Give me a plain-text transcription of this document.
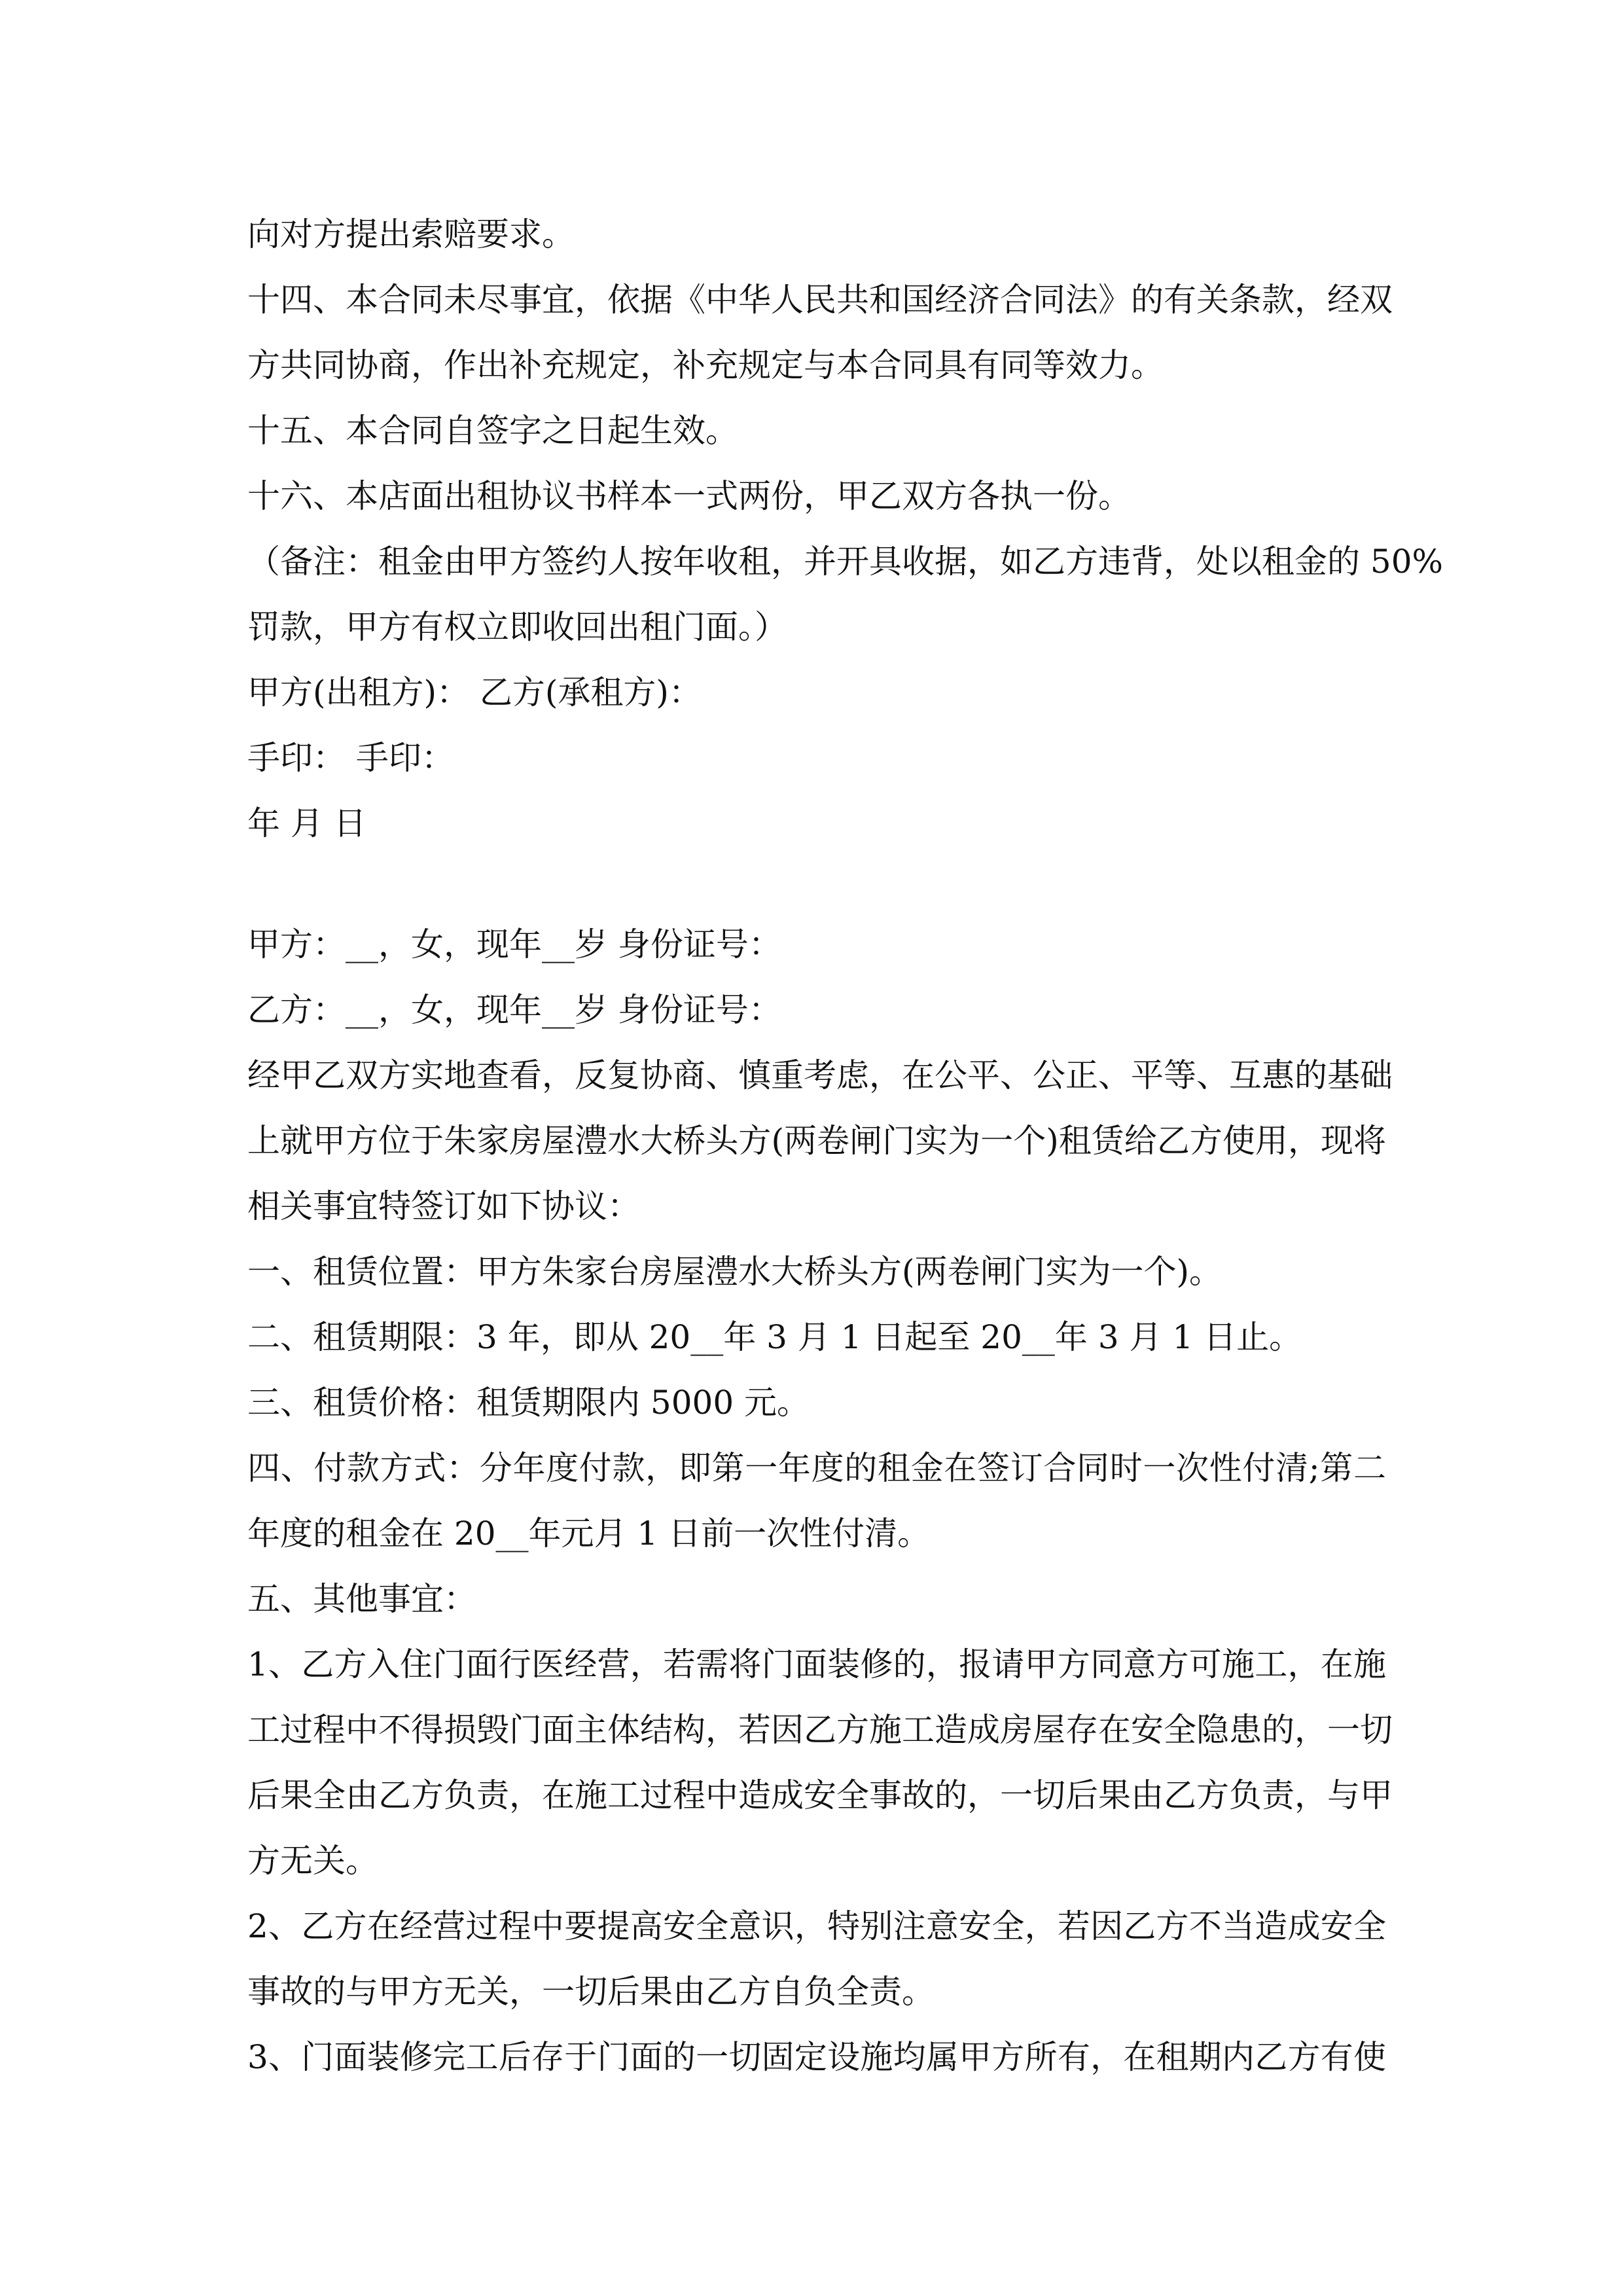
向对方提出索赔要求。
十四、本合同未尽事宜，依据《中华人民共和国经济合同法》的有关条款，经双
方共同协商，作出补充规定，补充规定与本合同具有同等效力。
十五、本合同自签字之日起生效。
十六、本店面出租协议书样本一式两份，甲乙双方各执一份。
（备注：租金由甲方签约人按年收租，并开具收据，如乙方违背，处以租金的 50%
罚款，甲方有权立即收回出租门面。）
甲方(出租方)： 乙方(承租方)：
手印： 手印：
年 月 日
甲方：__，女，现年__岁 身份证号：
乙方：__，女，现年__岁 身份证号：
经甲乙双方实地查看，反复协商、慎重考虑，在公平、公正、平等、互惠的基础
上就甲方位于朱家房屋澧水大桥头方(两卷闸门实为一个)租赁给乙方使用，现将
相关事宜特签订如下协议：
一、租赁位置：甲方朱家台房屋澧水大桥头方(两卷闸门实为一个)。
二、租赁期限：3 年，即从 20__年 3 月 1 日起至 20__年 3 月 1 日止。
三、租赁价格：租赁期限内 5000 元。
四、付款方式：分年度付款，即第一年度的租金在签订合同时一次性付清;第二
年度的租金在 20__年元月 1 日前一次性付清。
五、其他事宜：
1、乙方入住门面行医经营，若需将门面装修的，报请甲方同意方可施工，在施
工过程中不得损毁门面主体结构，若因乙方施工造成房屋存在安全隐患的，一切
后果全由乙方负责，在施工过程中造成安全事故的，一切后果由乙方负责，与甲
方无关。
2、乙方在经营过程中要提高安全意识，特别注意安全，若因乙方不当造成安全
事故的与甲方无关，一切后果由乙方自负全责。
3、门面装修完工后存于门面的一切固定设施均属甲方所有，在租期内乙方有使
